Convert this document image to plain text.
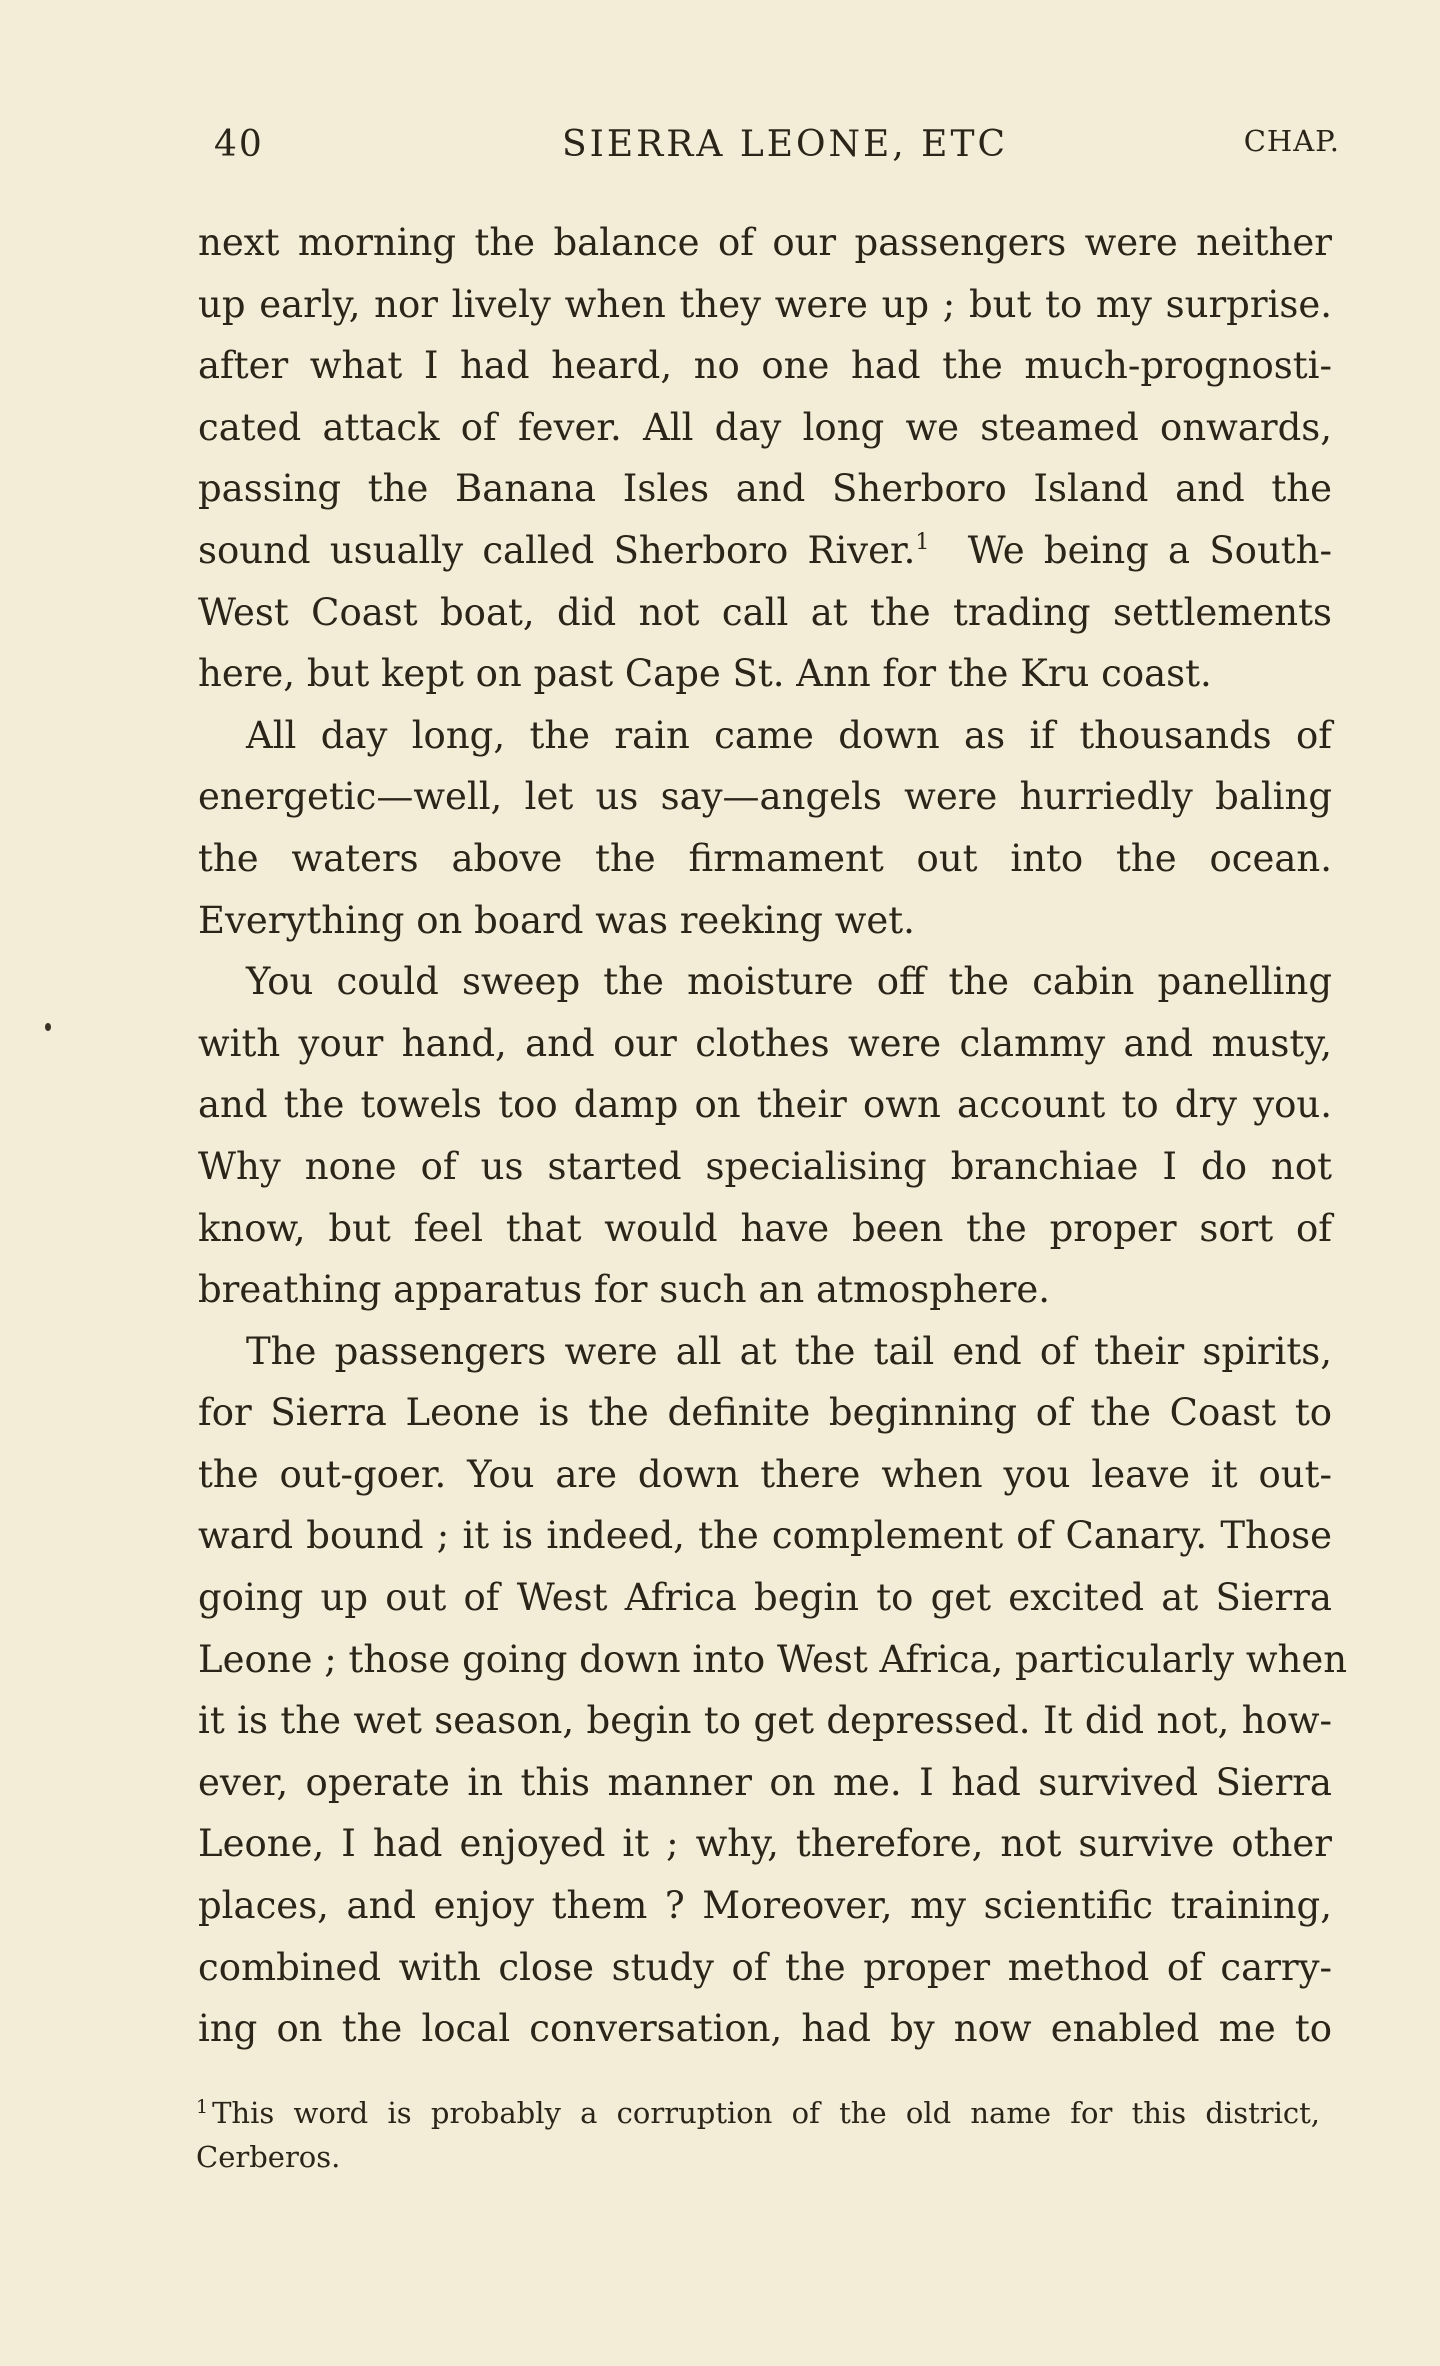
40	SIERRA LEONE, ETC	CHAP.
next morning the balance of our passengers were neither
up early, nor lively when they were up ; but to my surprise.
after what I had heard, no one had the much-prognosti-
cated attack of fever. All day long we steamed onwards,
passing the Banana Isles and Sherboro Island and the
sound usually called Sherboro River.$^1$  We being a South-
West Coast boat, did not call at the trading settlements
here, but kept on past Cape St. Ann for the Kru coast.
All day long, the rain came down as if thousands of
energetic—well, let us say—angels were hurriedly baling
the waters above the firmament out into the ocean.
Everything on board was reeking wet.
You could sweep the moisture off the cabin panelling
with your hand, and our clothes were clammy and musty,
and the towels too damp on their own account to dry you.
Why none of us started specialising branchiae I do not
know, but feel that would have been the proper sort of
breathing apparatus for such an atmosphere.
The passengers were all at the tail end of their spirits,
for Sierra Leone is the definite beginning of the Coast to
the out-goer. You are down there when you leave it out-
ward bound ; it is indeed, the complement of Canary. Those
going up out of West Africa begin to get excited at Sierra
Leone ; those going down into West Africa, particularly when
it is the wet season, begin to get depressed. It did not, how-
ever, operate in this manner on me. I had survived Sierra
Leone, I had enjoyed it ; why, therefore, not survive other
places, and enjoy them ? Moreover, my scientific training,
combined with close study of the proper method of carry-
ing on the local conversation, had by now enabled me to
$^1$ This word is probably a corruption of the old name for this district,
Cerberos.
